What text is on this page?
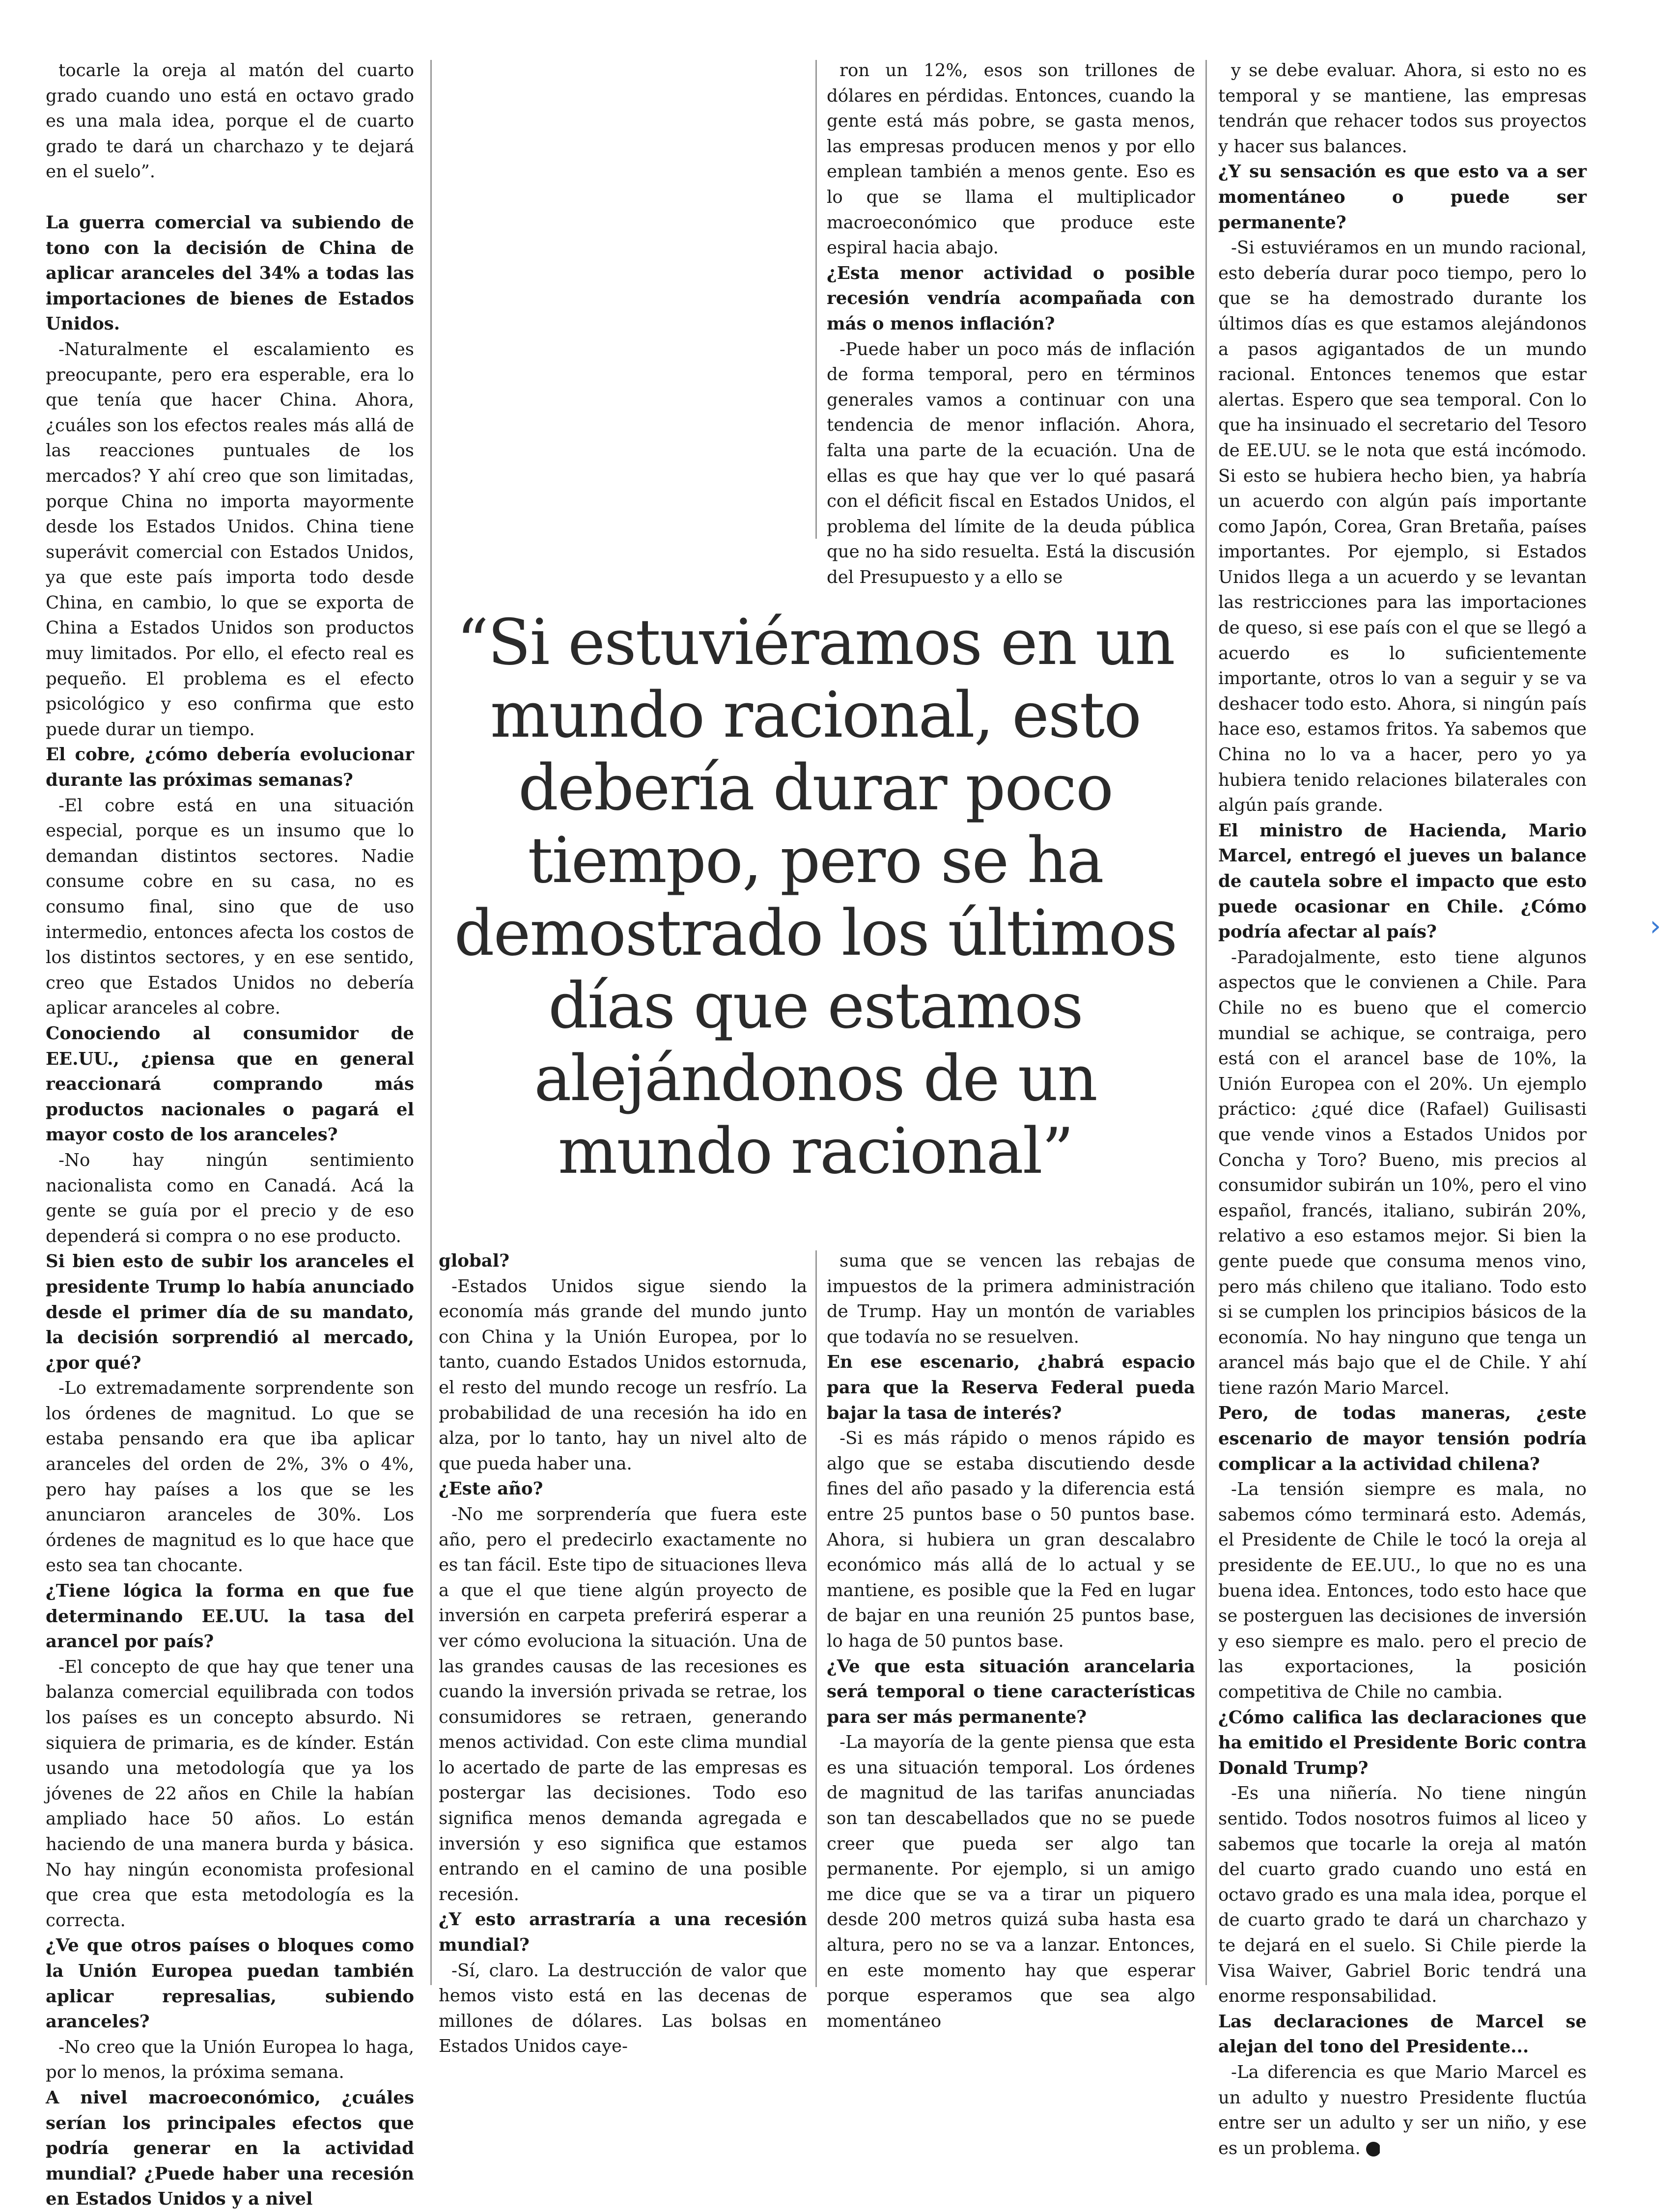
tocarle la oreja al matón del cuarto grado cuando uno está en octavo grado es una mala idea, porque el de cuarto grado te dará un charchazo y te dejará en el suelo”.

La guerra comercial va subiendo de tono con la decisión de China de aplicar aranceles del 34% a todas las importaciones de bienes de Estados Unidos.

-Naturalmente el escalamiento es preocupante, pero era esperable, era lo que tenía que hacer China. Ahora, ¿cuáles son los efectos reales más allá de las reacciones puntuales de los mercados? Y ahí creo que son limitadas, porque China no importa mayormente desde los Estados Unidos. China tiene superávit comercial con Estados Unidos, ya que este país importa todo desde China, en cambio, lo que se exporta de China a Estados Unidos son productos muy limitados. Por ello, el efecto real es pequeño. El problema es el efecto psicológico y eso confirma que esto puede durar un tiempo.

El cobre, ¿cómo debería evolucionar durante las próximas semanas?

-El cobre está en una situación especial, porque es un insumo que lo demandan distintos sectores. Nadie consume cobre en su casa, no es consumo final, sino que de uso intermedio, entonces afecta los costos de los distintos sectores, y en ese sentido, creo que Estados Unidos no debería aplicar aranceles al cobre.

Conociendo al consumidor de EE.UU., ¿piensa que en general reaccionará comprando más productos nacionales o pagará el mayor costo de los aranceles?

-No hay ningún sentimiento nacionalista como en Canadá. Acá la gente se guía por el precio y de eso dependerá si compra o no ese producto.

Si bien esto de subir los aranceles el presidente Trump lo había anunciado desde el primer día de su mandato, la decisión sorprendió al mercado, ¿por qué?

-Lo extremadamente sorprendente son los órdenes de magnitud. Lo que se estaba pensando era que iba aplicar aranceles del orden de 2%, 3% o 4%, pero hay países a los que se les anunciaron aranceles de 30%. Los órdenes de magnitud es lo que hace que esto sea tan chocante.

¿Tiene lógica la forma en que fue determinando EE.UU. la tasa del arancel por país?

-El concepto de que hay que tener una balanza comercial equilibrada con todos los países es un concepto absurdo. Ni siquiera de primaria, es de kínder. Están usando una metodología que ya los jóvenes de 22 años en Chile la habían ampliado hace 50 años. Lo están haciendo de una manera burda y básica. No hay ningún economista profesional que crea que esta metodología es la correcta.

¿Ve que otros países o bloques como la Unión Europea puedan también aplicar represalias, subiendo aranceles?

-No creo que la Unión Europea lo haga, por lo menos, la próxima semana.

A nivel macroeconómico, ¿cuáles serían los principales efectos que podría generar en la actividad mundial? ¿Puede haber una recesión en Estados Unidos y a nivel

ron un 12%, esos son trillones de dólares en pérdidas. Entonces, cuando la gente está más pobre, se gasta menos, las empresas producen menos y por ello emplean también a menos gente. Eso es lo que se llama el multiplicador macroeconómico que produce este espiral hacia abajo.

¿Esta menor actividad o posible recesión vendría acompañada con más o menos inflación?

-Puede haber un poco más de inflación de forma temporal, pero en términos generales vamos a continuar con una tendencia de menor inflación. Ahora, falta una parte de la ecuación. Una de ellas es que hay que ver lo qué pasará con el déficit fiscal en Estados Unidos, el problema del límite de la deuda pública que no ha sido resuelta. Está la discusión del Presupuesto y a ello se

y se debe evaluar. Ahora, si esto no es temporal y se mantiene, las empresas tendrán que rehacer todos sus proyectos y hacer sus balances.

¿Y su sensación es que esto va a ser momentáneo o puede ser permanente?

-Si estuviéramos en un mundo racional, esto debería durar poco tiempo, pero lo que se ha demostrado durante los últimos días es que estamos alejándonos a pasos agigantados de un mundo racional. Entonces tenemos que estar alertas. Espero que sea temporal. Con lo que ha insinuado el secretario del Tesoro de EE.UU. se le nota que está incómodo. Si esto se hubiera hecho bien, ya habría un acuerdo con algún país importante como Japón, Corea, Gran Bretaña, países importantes. Por ejemplo, si Estados Unidos llega a un acuerdo y se levantan las restricciones para las importaciones de queso, si ese país con el que se llegó a acuerdo es lo suficientemente importante, otros lo van a seguir y se va deshacer todo esto. Ahora, si ningún país hace eso, estamos fritos. Ya sabemos que China no lo va a hacer, pero yo ya hubiera tenido relaciones bilaterales con algún país grande.

El ministro de Hacienda, Mario Marcel, entregó el jueves un balance de cautela sobre el impacto que esto puede ocasionar en Chile. ¿Cómo podría afectar al país?

-Paradojalmente, esto tiene algunos aspectos que le convienen a Chile. Para Chile no es bueno que el comercio mundial se achique, se contraiga, pero está con el arancel base de 10%, la Unión Europea con el 20%. Un ejemplo práctico: ¿qué dice (Rafael) Guilisasti que vende vinos a Estados Unidos por Concha y Toro? Bueno, mis precios al consumidor subirán un 10%, pero el vino español, francés, italiano, subirán 20%, relativo a eso estamos mejor. Si bien la gente puede que consuma menos vino, pero más chileno que italiano. Todo esto si se cumplen los principios básicos de la economía. No hay ninguno que tenga un arancel más bajo que el de Chile. Y ahí tiene razón Mario Marcel.

Pero, de todas maneras, ¿este escenario de mayor tensión podría complicar a la actividad chilena?

-La tensión siempre es mala, no sabemos cómo terminará esto. Además, el Presidente de Chile le tocó la oreja al presidente de EE.UU., lo que no es una buena idea. Entonces, todo esto hace que se posterguen las decisiones de inversión y eso siempre es malo. pero el precio de las exportaciones, la posición competitiva de Chile no cambia.

¿Cómo califica las declaraciones que ha emitido el Presidente Boric contra Donald Trump?

-Es una niñería. No tiene ningún sentido. Todos nosotros fuimos al liceo y sabemos que tocarle la oreja al matón del cuarto grado cuando uno está en octavo grado es una mala idea, porque el de cuarto grado te dará un charchazo y te dejará en el suelo. Si Chile pierde la Visa Waiver, Gabriel Boric tendrá una enorme responsabilidad.

Las declaraciones de Marcel se alejan del tono del Presidente...

-La diferencia es que Mario Marcel es un adulto y nuestro Presidente fluctúa entre ser un adulto y ser un niño, y ese es un problema. P

“Si estuviéramos en un mundo racional, esto debería durar poco tiempo, pero se ha demostrado los últimos días que estamos alejándonos de un mundo racional”

global?

-Estados Unidos sigue siendo la economía más grande del mundo junto con China y la Unión Europea, por lo tanto, cuando Estados Unidos estornuda, el resto del mundo recoge un resfrío. La probabilidad de una recesión ha ido en alza, por lo tanto, hay un nivel alto de que pueda haber una.

¿Este año?

-No me sorprendería que fuera este año, pero el predecirlo exactamente no es tan fácil. Este tipo de situaciones lleva a que el que tiene algún proyecto de inversión en carpeta preferirá esperar a ver cómo evoluciona la situación. Una de las grandes causas de las recesiones es cuando la inversión privada se retrae, los consumidores se retraen, generando menos actividad. Con este clima mundial lo acertado de parte de las empresas es postergar las decisiones. Todo eso significa menos demanda agregada e inversión y eso significa que estamos entrando en el camino de una posible recesión.

¿Y esto arrastraría a una recesión mundial?

-Sí, claro. La destrucción de valor que hemos visto está en las decenas de millones de dólares. Las bolsas en Estados Unidos caye-

suma que se vencen las rebajas de impuestos de la primera administración de Trump. Hay un montón de variables que todavía no se resuelven.

En ese escenario, ¿habrá espacio para que la Reserva Federal pueda bajar la tasa de interés?

-Si es más rápido o menos rápido es algo que se estaba discutiendo desde fines del año pasado y la diferencia está entre 25 puntos base o 50 puntos base. Ahora, si hubiera un gran descalabro económico más allá de lo actual y se mantiene, es posible que la Fed en lugar de bajar en una reunión 25 puntos base, lo haga de 50 puntos base.

¿Ve que esta situación arancelaria será temporal o tiene características para ser más permanente?

-La mayoría de la gente piensa que esta es una situación temporal. Los órdenes de magnitud de las tarifas anunciadas son tan descabellados que no se puede creer que pueda ser algo tan permanente. Por ejemplo, si un amigo me dice que se va a tirar un piquero desde 200 metros quizá suba hasta esa altura, pero no se va a lanzar. Entonces, en este momento hay que esperar porque esperamos que sea algo momentáneo

›
